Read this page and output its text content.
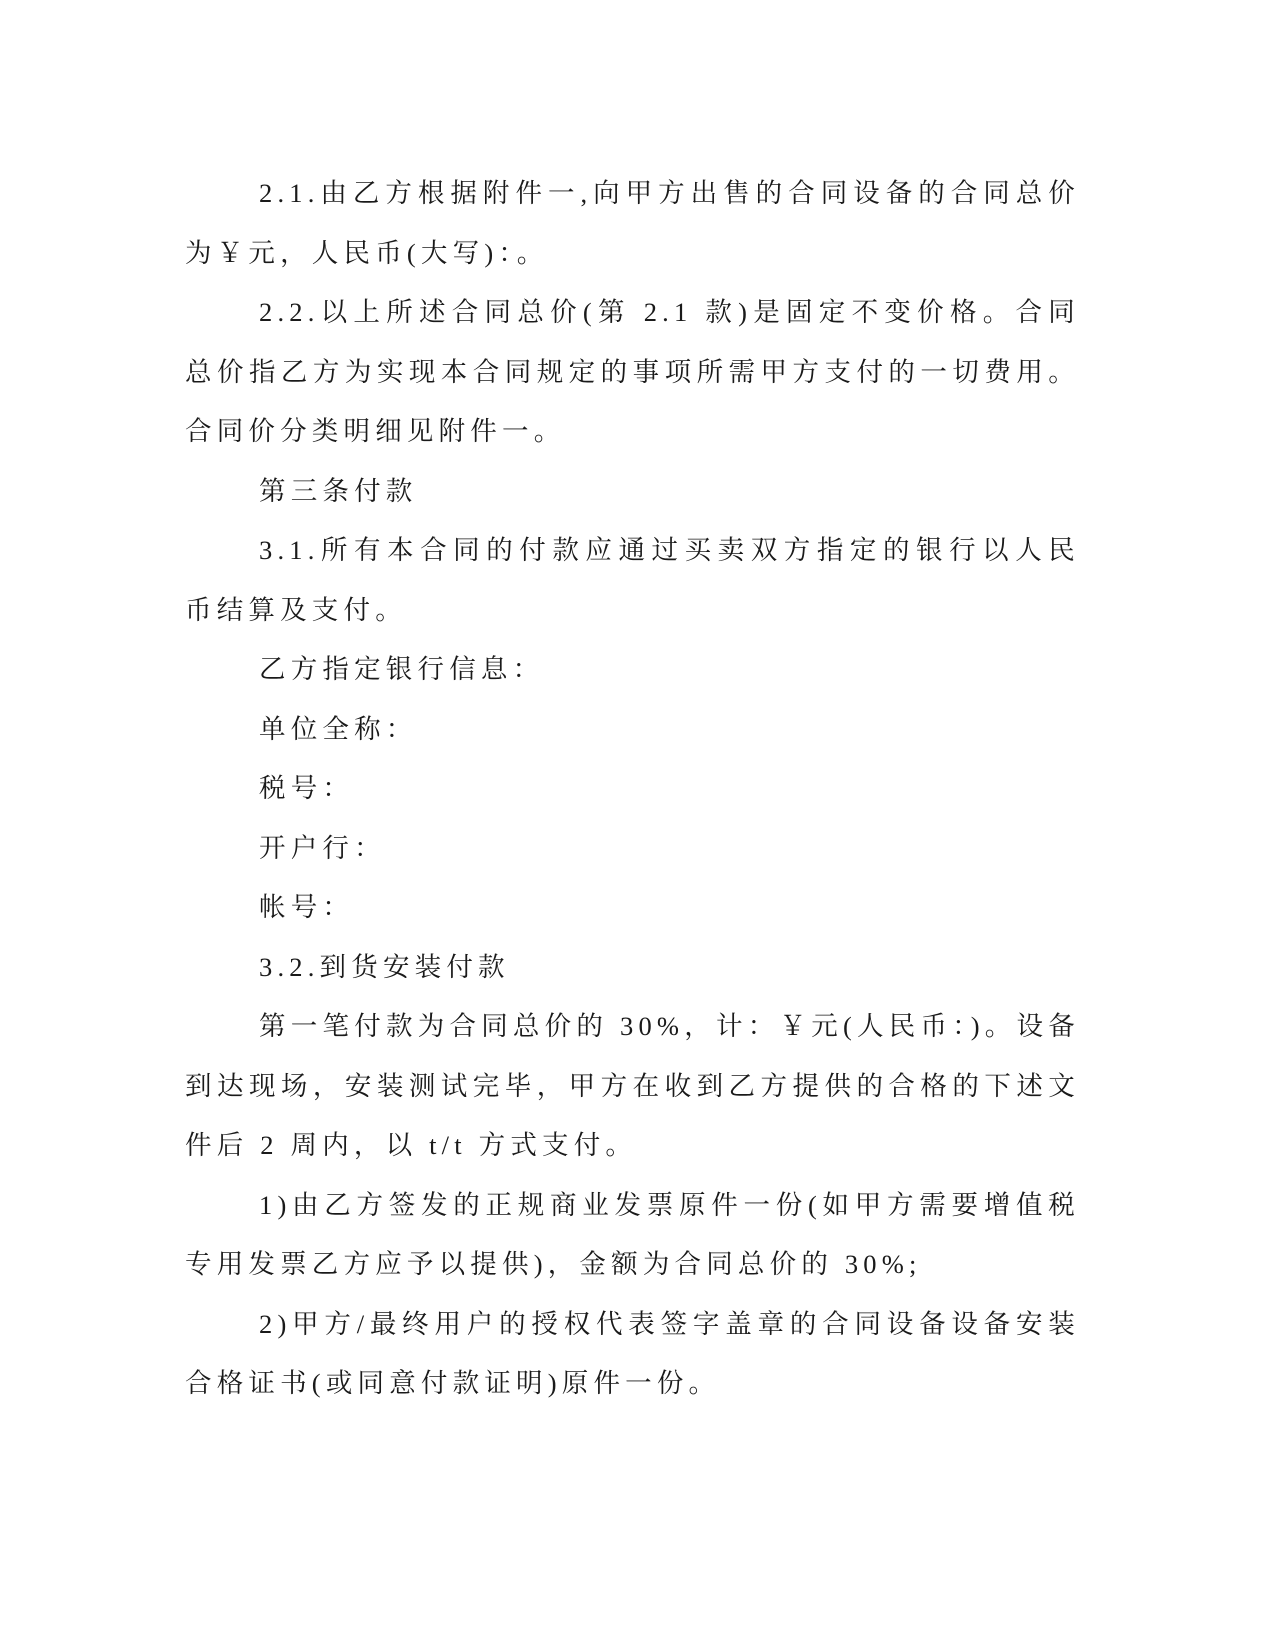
2.1.由乙方根据附件一,向甲方出售的合同设备的合同总价为￥元，人民币(大写)：。

2.2.以上所述合同总价(第 2.1 款)是固定不变价格。合同总价指乙方为实现本合同规定的事项所需甲方支付的一切费用。合同价分类明细见附件一。

第三条付款

3.1.所有本合同的付款应通过买卖双方指定的银行以人民币结算及支付。

乙方指定银行信息：

单位全称：

税号：

开户行：

帐号：

3.2.到货安装付款

第一笔付款为合同总价的 30%，计：￥元(人民币：)。设备到达现场，安装测试完毕，甲方在收到乙方提供的合格的下述文件后 2 周内，以 t/t 方式支付。

1)由乙方签发的正规商业发票原件一份(如甲方需要增值税专用发票乙方应予以提供)，金额为合同总价的 30%;

2)甲方/最终用户的授权代表签字盖章的合同设备设备安装合格证书(或同意付款证明)原件一份。
